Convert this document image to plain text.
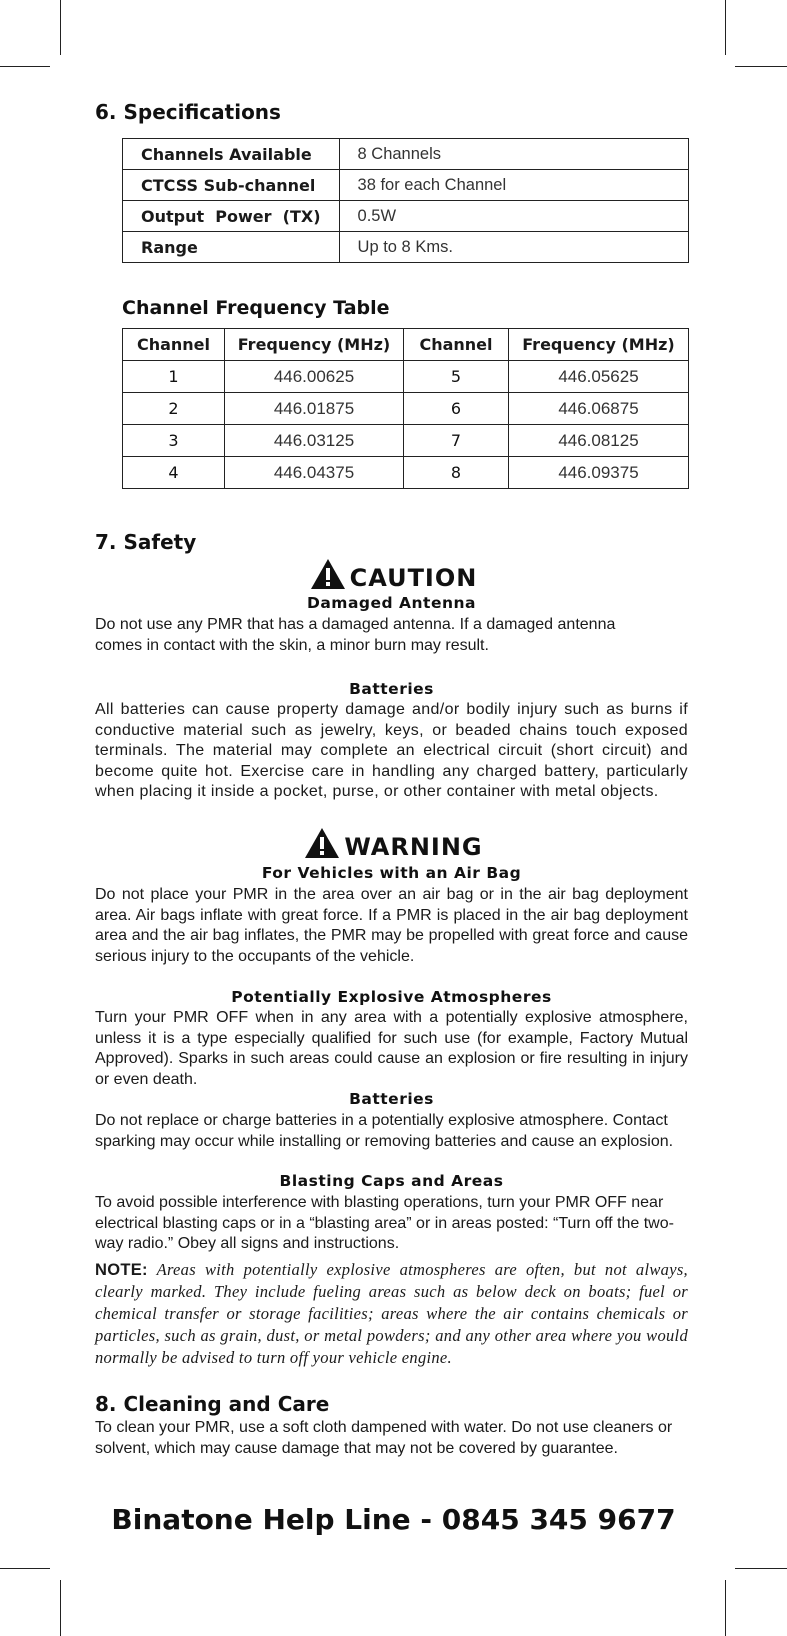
6. Specifications
Channels Available	8 Channels
CTCSS Sub-channel	38 for each Channel
Output  Power  (TX)	0.5W
Range	Up to 8 Kms.
Channel Frequency Table
Channel	Frequency (MHz)	Channel	Frequency (MHz)
1	446.00625	5	446.05625
2	446.01875	6	446.06875
3	446.03125	7	446.08125
4	446.04375	8	446.09375
7. Safety
CAUTION
Damaged Antenna

Do not use any PMR that has a damaged antenna. If a damaged antenna comes in contact with the skin, a minor burn may result.

Batteries

All batteries can cause property damage and/or bodily injury such as burns if conductive material such as jewelry, keys, or beaded chains touch exposed terminals. The material may complete an electrical circuit (short circuit) and become quite hot. Exercise care in handling any charged battery, particularly when placing it inside a pocket, purse, or other container with metal objects.

WARNING
For Vehicles with an Air Bag

Do not place your PMR in the area over an air bag or in the air bag deployment area. Air bags inflate with great force. If a PMR is placed in the air bag deployment area and the air bag inflates, the PMR may be propelled with great force and cause serious injury to the occupants of the vehicle.

Potentially Explosive Atmospheres

Turn your PMR OFF when in any area with a potentially explosive atmosphere, unless it is a type especially qualified for such use (for example, Factory Mutual Approved). Sparks in such areas could cause an explosion or fire resulting in injury or even death.

Batteries

Do not replace or charge batteries in a potentially explosive atmosphere. Contact sparking may occur while installing or removing batteries and cause an explosion.

Blasting Caps and Areas

To avoid possible interference with blasting operations, turn your PMR OFF near electrical blasting caps or in a “blasting area” or in areas posted: “Turn off the two-way radio.” Obey all signs and instructions.

NOTE: Areas with potentially explosive atmospheres are often, but not always, clearly marked. They include fueling areas such as below deck on boats; fuel or chemical transfer or storage facilities; areas where the air contains chemicals or particles, such as grain, dust, or metal powders; and any other area where you would normally be advised to turn off your vehicle engine.

8. Cleaning and Care

To clean your PMR, use a soft cloth dampened with water. Do not use cleaners or solvent, which may cause damage that may not be covered by guarantee.

Binatone Help Line - 0845 345 9677
